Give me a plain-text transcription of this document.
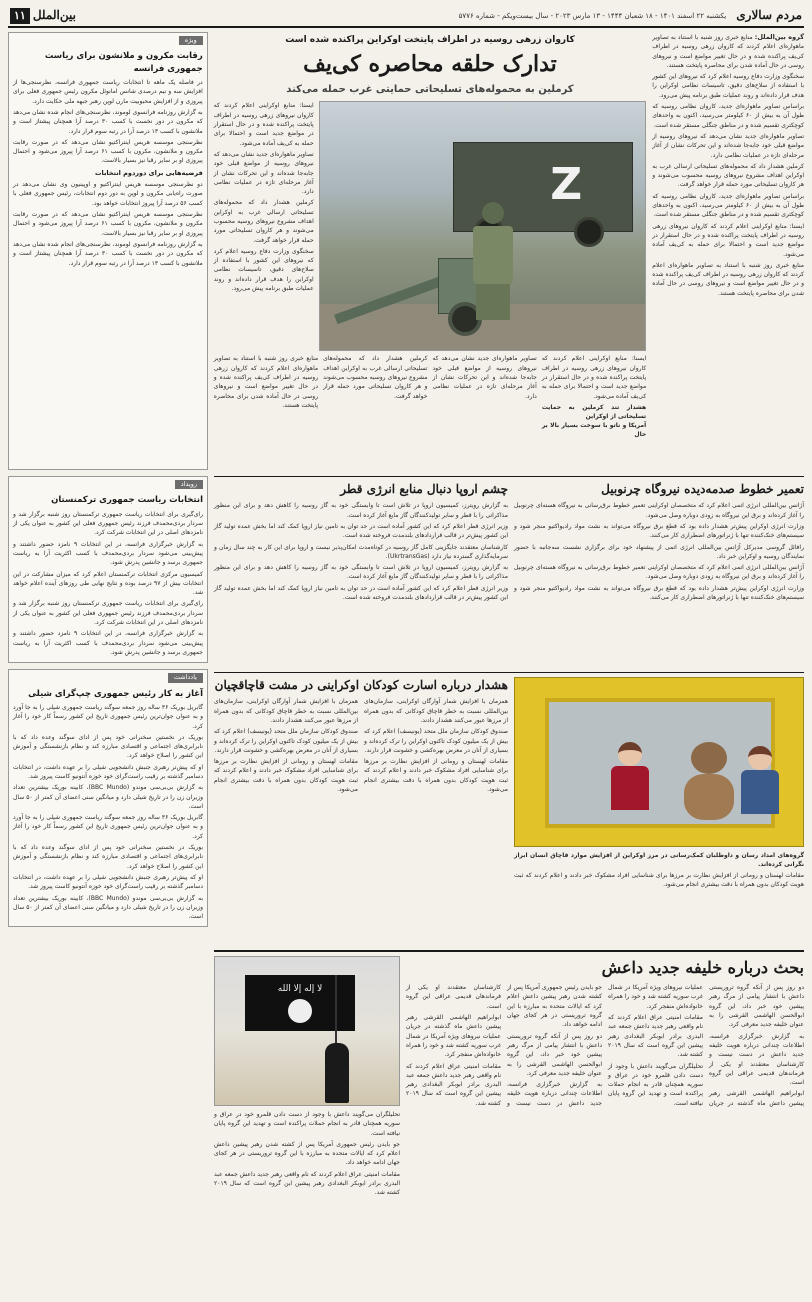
مردم سالاری
یکشنبه ۲۲ اسفند ۱۴۰۱ - ۱۸ شعبان ۱۴۴۴ - ۱۳ مارس ۲۰۲۳ - سال بیست‌ویکم - شماره ۵۷۷۶
بین‌الملل
۱۱

گروه بین‌الملل: منابع خبری روز شنبه با استناد به تصاویر ماهواره‌ای اعلام کردند که کاروان زرهی روسیه در اطراف کی‌یف پراکنده شده و در حال تغییر مواضع است و نیروهای روسی در حال آماده شدن برای محاصره پایتخت هستند.

سخنگوی وزارت دفاع روسیه اعلام کرد که نیروهای این کشور با استفاده از سلاح‌های دقیق، تاسیسات نظامی اوکراین را هدف قرار داده‌اند و روند عملیات طبق برنامه پیش می‌رود.

براساس تصاویر ماهواره‌ای جدید، کاروان نظامی روسیه که طول آن به بیش از ۶۰ کیلومتر می‌رسید، اکنون به واحدهای کوچکتری تقسیم شده و در مناطق جنگلی مستقر شده است.

تصاویر ماهواره‌ای جدید نشان می‌دهد که نیروهای روسیه از مواضع قبلی خود جابه‌جا شده‌اند و این تحرکات نشان از آغاز مرحله‌ای تازه در عملیات نظامی دارد.

کرملین هشدار داد که محموله‌های تسلیحاتی ارسالی غرب به اوکراین اهداف مشروع نیروهای روسیه محسوب می‌شوند و هر کاروان تسلیحاتی مورد حمله قرار خواهد گرفت.

براساس تصاویر ماهواره‌ای جدید، کاروان نظامی روسیه که طول آن به بیش از ۶۰ کیلومتر می‌رسید، اکنون به واحدهای کوچکتری تقسیم شده و در مناطق جنگلی مستقر شده است.

ایسنا: منابع اوکراینی اعلام کردند که کاروان نیروهای زرهی روسیه در اطراف پایتخت پراکنده شده و در حال استقرار در مواضع جدید است و احتمالا برای حمله به کی‌یف آماده می‌شود.

منابع خبری روز شنبه با استناد به تصاویر ماهواره‌ای اعلام کردند که کاروان زرهی روسیه در اطراف کی‌یف پراکنده شده و در حال تغییر مواضع است و نیروهای روسی در حال آماده شدن برای محاصره پایتخت هستند.

کاروان زرهی روسیه در اطراف پایتخت اوکراین پراکنده شده است
تدارک حلقه محاصره کی‌یف
کرملین به محموله‌های تسلیحاتی حمایتی غرب حمله می‌کند
Z

ایسنا: منابع اوکراینی اعلام کردند که کاروان نیروهای زرهی روسیه در اطراف پایتخت پراکنده شده و در حال استقرار در مواضع جدید است و احتمالا برای حمله به کی‌یف آماده می‌شود.

تصاویر ماهواره‌ای جدید نشان می‌دهد که نیروهای روسیه از مواضع قبلی خود جابه‌جا شده‌اند و این تحرکات نشان از آغاز مرحله‌ای تازه در عملیات نظامی دارد.

کرملین هشدار داد که محموله‌های تسلیحاتی ارسالی غرب به اوکراین اهداف مشروع نیروهای روسیه محسوب می‌شوند و هر کاروان تسلیحاتی مورد حمله قرار خواهد گرفت.

سخنگوی وزارت دفاع روسیه اعلام کرد که نیروهای این کشور با استفاده از سلاح‌های دقیق، تاسیسات نظامی اوکراین را هدف قرار داده‌اند و روند عملیات طبق برنامه پیش می‌رود.

ایسنا: منابع اوکراینی اعلام کردند که کاروان نیروهای زرهی روسیه در اطراف پایتخت پراکنده شده و در حال استقرار در مواضع جدید است و احتمالا برای حمله به کی‌یف آماده می‌شود.

هشدار تند کرملین به حمایت تسلیحاتی از اوکراین
آمریکا و ناتو با سوخت بسیار بالا بر حال

تصاویر ماهواره‌ای جدید نشان می‌دهد که نیروهای روسیه از مواضع قبلی خود جابه‌جا شده‌اند و این تحرکات نشان از آغاز مرحله‌ای تازه در عملیات نظامی دارد.

کرملین هشدار داد که محموله‌های تسلیحاتی ارسالی غرب به اوکراین اهداف مشروع نیروهای روسیه محسوب می‌شوند و هر کاروان تسلیحاتی مورد حمله قرار خواهد گرفت.

منابع خبری روز شنبه با استناد به تصاویر ماهواره‌ای اعلام کردند که کاروان زرهی روسیه در اطراف کی‌یف پراکنده شده و در حال تغییر مواضع است و نیروهای روسی در حال آماده شدن برای محاصره پایتخت هستند.

ویژه
رقابت مکرون و ملانشون برای ریاست جمهوری فرانسه

در فاصله یک ماهه تا انتخابات ریاست جمهوری فرانسه، نظرسنجی‌ها از افزایش سه و نیم درصدی شانس امانوئل مکرون رئیس جمهوری فعلی برای پیروزی و از افزایش محبوبیت مارن لوپن رهبر جبهه ملی حکایت دارد.

به گزارش روزنامه فرانسوی لوموند، نظرسنجی‌های انجام شده نشان می‌دهد که مکرون در دور نخست با کسب ۳۰ درصد آرا همچنان پیشتاز است و ملانشون با کسب ۱۳ درصد آرا در رتبه سوم قرار دارد.

نظرسنجی موسسه هریس اینتراکتیو نشان می‌دهد که در صورت رقابت مکرون و ملانشون، مکرون با کسب ۶۱ درصد آرا پیروز می‌شود و احتمال پیروزی او بر سایر رقبا نیز بسیار بالاست.

فرضیه‌هایی برای دوردوم انتخابات

دو نظرسنجی موسسه هریس اینتراکتیو و اوپینیون وی نشان می‌دهد در صورت راه‌یابی مکرون و لوپن به دور دوم انتخابات، رئیس جمهوری فعلی با کسب ۵۶ درصد آرا پیروز انتخابات خواهد بود.

نظرسنجی موسسه هریس اینتراکتیو نشان می‌دهد که در صورت رقابت مکرون و ملانشون، مکرون با کسب ۶۱ درصد آرا پیروز می‌شود و احتمال پیروزی او بر سایر رقبا نیز بسیار بالاست.

به گزارش روزنامه فرانسوی لوموند، نظرسنجی‌های انجام شده نشان می‌دهد که مکرون در دور نخست با کسب ۳۰ درصد آرا همچنان پیشتاز است و ملانشون با کسب ۱۳ درصد آرا در رتبه سوم قرار دارد.

تعمیر خطوط صدمه‌دیده نیروگاه چرنوبیل

آژانس بین‌المللی انرژی اتمی اعلام کرد که متخصصان اوکراینی تعمیر خطوط برق‌رسانی به نیروگاه هسته‌ای چرنوبیل را آغاز کرده‌اند و برق این نیروگاه به زودی دوباره وصل می‌شود.

وزارت انرژی اوکراین پیش‌تر هشدار داده بود که قطع برق نیروگاه می‌تواند به نشت مواد رادیواکتیو منجر شود و سیستم‌های خنک‌کننده تنها با ژنراتورهای اضطراری کار می‌کنند.

رافائل گروسی مدیرکل آژانس بین‌المللی انرژی اتمی از پیشنهاد خود برای برگزاری نشست سه‌جانبه با حضور نمایندگان روسیه و اوکراین خبر داد.

آژانس بین‌المللی انرژی اتمی اعلام کرد که متخصصان اوکراینی تعمیر خطوط برق‌رسانی به نیروگاه هسته‌ای چرنوبیل را آغاز کرده‌اند و برق این نیروگاه به زودی دوباره وصل می‌شود.

وزارت انرژی اوکراین پیش‌تر هشدار داده بود که قطع برق نیروگاه می‌تواند به نشت مواد رادیواکتیو منجر شود و سیستم‌های خنک‌کننده تنها با ژنراتورهای اضطراری کار می‌کنند.

چشم اروپا دنبال منابع انرژی قطر

به گزارش رویترز، کمیسیون اروپا در تلاش است تا وابستگی خود به گاز روسیه را کاهش دهد و برای این منظور مذاکراتی را با قطر و سایر تولیدکنندگان گاز مایع آغاز کرده است.

وزیر انرژی قطر اعلام کرد که این کشور آماده است در حد توان به تامین نیاز اروپا کمک کند اما بخش عمده تولید گاز این کشور پیش‌تر در قالب قراردادهای بلندمدت فروخته شده است.

کارشناسان معتقدند جایگزینی کامل گاز روسیه در کوتاه‌مدت امکان‌پذیر نیست و اروپا برای این کار به چند سال زمان و سرمایه‌گذاری گسترده نیاز دارد (UkrtransGas).

به گزارش رویترز، کمیسیون اروپا در تلاش است تا وابستگی خود به گاز روسیه را کاهش دهد و برای این منظور مذاکراتی را با قطر و سایر تولیدکنندگان گاز مایع آغاز کرده است.

وزیر انرژی قطر اعلام کرد که این کشور آماده است در حد توان به تامین نیاز اروپا کمک کند اما بخش عمده تولید گاز این کشور پیش‌تر در قالب قراردادهای بلندمدت فروخته شده است.

گروه‌های امداد رسان و داوطلبان کمک‌رسانی در مرز اوکراین از افزایش موارد قاچاق انسان ابراز نگرانی کرده‌اند.

مقامات لهستان و رومانی از افزایش نظارت بر مرزها برای شناسایی افراد مشکوک خبر دادند و اعلام کردند که ثبت هویت کودکان بدون همراه با دقت بیشتری انجام می‌شود.

هشدار درباره اسارت کودکان اوکراینی در مشت قاچاقچیان

همزمان با افزایش شمار آوارگان اوکراینی، سازمان‌های بین‌المللی نسبت به خطر قاچاق کودکانی که بدون همراه از مرزها عبور می‌کنند هشدار دادند.

صندوق کودکان سازمان ملل متحد (یونیسف) اعلام کرد که بیش از یک میلیون کودک تاکنون اوکراین را ترک کرده‌اند و بسیاری از آنان در معرض بهره‌کشی و خشونت قرار دارند.

مقامات لهستان و رومانی از افزایش نظارت بر مرزها برای شناسایی افراد مشکوک خبر دادند و اعلام کردند که ثبت هویت کودکان بدون همراه با دقت بیشتری انجام می‌شود.

همزمان با افزایش شمار آوارگان اوکراینی، سازمان‌های بین‌المللی نسبت به خطر قاچاق کودکانی که بدون همراه از مرزها عبور می‌کنند هشدار دادند.

صندوق کودکان سازمان ملل متحد (یونیسف) اعلام کرد که بیش از یک میلیون کودک تاکنون اوکراین را ترک کرده‌اند و بسیاری از آنان در معرض بهره‌کشی و خشونت قرار دارند.

مقامات لهستان و رومانی از افزایش نظارت بر مرزها برای شناسایی افراد مشکوک خبر دادند و اعلام کردند که ثبت هویت کودکان بدون همراه با دقت بیشتری انجام می‌شود.

بحث درباره خلیفه جدید داعش

دو روز پس از آنکه گروه تروریستی داعش با انتشار پیامی از مرگ رهبر پیشین خود خبر داد، این گروه ابوالحسن الهاشمی القرشی را به عنوان خلیفه جدید معرفی کرد.

به گزارش خبرگزاری فرانسه، اطلاعات چندانی درباره هویت خلیفه جدید داعش در دست نیست و کارشناسان معتقدند او یکی از فرماندهان قدیمی عراقی این گروه است.

ابوابراهیم الهاشمی القرشی رهبر پیشین داعش ماه گذشته در جریان عملیات نیروهای ویژه آمریکا در شمال غرب سوریه کشته شد و خود را همراه خانواده‌اش منفجر کرد.

مقامات امنیتی عراق اعلام کردند که نام واقعی رهبر جدید داعش جمعه عبد البدری برادر ابوبکر البغدادی رهبر پیشین این گروه است که سال ۲۰۱۹ کشته شد.

تحلیلگران می‌گویند داعش با وجود از دست دادن قلمرو خود در عراق و سوریه همچنان قادر به انجام حملات پراکنده است و تهدید این گروه پایان نیافته است.

جو بایدن رئیس جمهوری آمریکا پس از کشته شدن رهبر پیشین داعش اعلام کرد که ایالات متحده به مبارزه با این گروه تروریستی در هر کجای جهان ادامه خواهد داد.

دو روز پس از آنکه گروه تروریستی داعش با انتشار پیامی از مرگ رهبر پیشین خود خبر داد، این گروه ابوالحسن الهاشمی القرشی را به عنوان خلیفه جدید معرفی کرد.

به گزارش خبرگزاری فرانسه، اطلاعات چندانی درباره هویت خلیفه جدید داعش در دست نیست و کارشناسان معتقدند او یکی از فرماندهان قدیمی عراقی این گروه است.

ابوابراهیم الهاشمی القرشی رهبر پیشین داعش ماه گذشته در جریان عملیات نیروهای ویژه آمریکا در شمال غرب سوریه کشته شد و خود را همراه خانواده‌اش منفجر کرد.

مقامات امنیتی عراق اعلام کردند که نام واقعی رهبر جدید داعش جمعه عبد البدری برادر ابوبکر البغدادی رهبر پیشین این گروه است که سال ۲۰۱۹ کشته شد.

لا إله إلا الله

تحلیلگران می‌گویند داعش با وجود از دست دادن قلمرو خود در عراق و سوریه همچنان قادر به انجام حملات پراکنده است و تهدید این گروه پایان نیافته است.

جو بایدن رئیس جمهوری آمریکا پس از کشته شدن رهبر پیشین داعش اعلام کرد که ایالات متحده به مبارزه با این گروه تروریستی در هر کجای جهان ادامه خواهد داد.

مقامات امنیتی عراق اعلام کردند که نام واقعی رهبر جدید داعش جمعه عبد البدری برادر ابوبکر البغدادی رهبر پیشین این گروه است که سال ۲۰۱۹ کشته شد.

رویداد
انتخابات ریاست جمهوری ترکمنستان

رای‌گیری برای انتخابات ریاست جمهوری ترکمنستان روز شنبه برگزار شد و سردار بردی‌محمدف فرزند رئیس جمهوری فعلی این کشور به عنوان یکی از نامزدهای اصلی در این انتخابات شرکت کرد.

به گزارش خبرگزاری فرانسه، در این انتخابات ۹ نامزد حضور داشتند و پیش‌بینی می‌شود سردار بردی‌محمدف با کسب اکثریت آرا به ریاست جمهوری برسد و جانشین پدرش شود.

کمیسیون مرکزی انتخابات ترکمنستان اعلام کرد که میزان مشارکت در این انتخابات بیش از ۹۷ درصد بوده و نتایج نهایی طی روزهای آینده اعلام خواهد شد.

رای‌گیری برای انتخابات ریاست جمهوری ترکمنستان روز شنبه برگزار شد و سردار بردی‌محمدف فرزند رئیس جمهوری فعلی این کشور به عنوان یکی از نامزدهای اصلی در این انتخابات شرکت کرد.

به گزارش خبرگزاری فرانسه، در این انتخابات ۹ نامزد حضور داشتند و پیش‌بینی می‌شود سردار بردی‌محمدف با کسب اکثریت آرا به ریاست جمهوری برسد و جانشین پدرش شود.

یادداشت
آغاز به کار رئیس جمهوری چپ‌گرای شیلی

گابریل بوریک ۳۶ ساله روز جمعه سوگند ریاست جمهوری شیلی را به جا آورد و به عنوان جوان‌ترین رئیس جمهوری تاریخ این کشور رسماً کار خود را آغاز کرد.

بوریک در نخستین سخنرانی خود پس از ادای سوگند وعده داد که با نابرابری‌های اجتماعی و اقتصادی مبارزه کند و نظام بازنشستگی و آموزش این کشور را اصلاح خواهد کرد.

او که پیش‌تر رهبری جنبش دانشجویی شیلی را بر عهده داشت، در انتخابات دسامبر گذشته بر رقیب راست‌گرای خود خوزه آنتونیو کاست پیروز شد.

به گزارش بی‌بی‌سی موندو (BBC Mundo)، کابینه بوریک بیشترین تعداد وزیران زن را در تاریخ شیلی دارد و میانگین سنی اعضای آن کمتر از ۵۰ سال است.

گابریل بوریک ۳۶ ساله روز جمعه سوگند ریاست جمهوری شیلی را به جا آورد و به عنوان جوان‌ترین رئیس جمهوری تاریخ این کشور رسماً کار خود را آغاز کرد.

بوریک در نخستین سخنرانی خود پس از ادای سوگند وعده داد که با نابرابری‌های اجتماعی و اقتصادی مبارزه کند و نظام بازنشستگی و آموزش این کشور را اصلاح خواهد کرد.

او که پیش‌تر رهبری جنبش دانشجویی شیلی را بر عهده داشت، در انتخابات دسامبر گذشته بر رقیب راست‌گرای خود خوزه آنتونیو کاست پیروز شد.

به گزارش بی‌بی‌سی موندو (BBC Mundo)، کابینه بوریک بیشترین تعداد وزیران زن را در تاریخ شیلی دارد و میانگین سنی اعضای آن کمتر از ۵۰ سال است.
